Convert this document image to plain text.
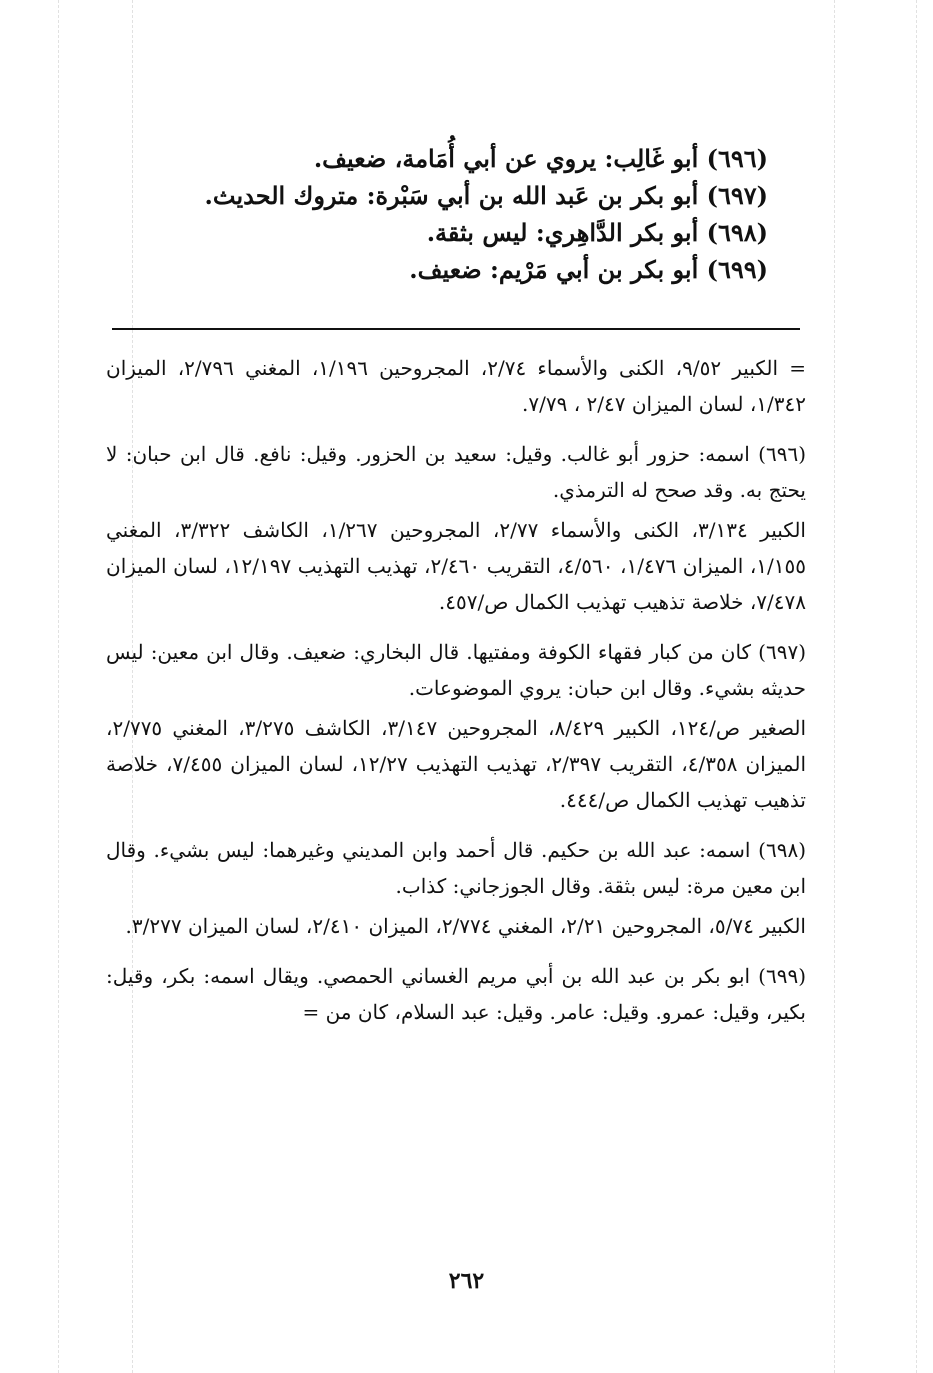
(٦٩٦) أبو غَالِب: يروي عن أبي أُمَامة، ضعيف.

(٦٩٧) أبو بكر بن عَبد الله بن أبي سَبْرة: متروك الحديث.

(٦٩٨) أبو بكر الدَّاهِري: ليس بثقة.

(٦٩٩) أبو بكر بن أبي مَرْيم: ضعيف.

= الكبير ٩/٥٢، الكنى والأسماء ٢/٧٤، المجروحين ١/١٩٦، المغني ٢/٧٩٦، الميزان ١/٣٤٢، لسان الميزان ٢/٤٧ ، ٧/٧٩.

(٦٩٦) اسمه: حزور أبو غالب. وقيل: سعيد بن الحزور. وقيل: نافع. قال ابن حبان: لا يحتج به. وقد صحح له الترمذي.

الكبير ٣/١٣٤، الكنى والأسماء ٢/٧٧، المجروحين ١/٢٦٧، الكاشف ٣/٣٢٢، المغني ١/١٥٥، الميزان ١/٤٧٦، ٤/٥٦٠، التقريب ٢/٤٦٠، تهذيب التهذيب ١٢/١٩٧، لسان الميزان ٧/٤٧٨، خلاصة تذهيب تهذيب الكمال ص/٤٥٧.

(٦٩٧) كان من كبار فقهاء الكوفة ومفتيها. قال البخاري: ضعيف. وقال ابن معين: ليس حديثه بشيء. وقال ابن حبان: يروي الموضوعات.

الصغير ص/١٢٤، الكبير ٨/٤٢٩، المجروحين ٣/١٤٧، الكاشف ٣/٢٧٥، المغني ٢/٧٧٥، الميزان ٤/٣٥٨، التقريب ٢/٣٩٧، تهذيب التهذيب ١٢/٢٧، لسان الميزان ٧/٤٥٥، خلاصة تذهيب تهذيب الكمال ص/٤٤٤.

(٦٩٨) اسمه: عبد الله بن حكيم. قال أحمد وابن المديني وغيرهما: ليس بشيء. وقال ابن معين مرة: ليس بثقة. وقال الجوزجاني: كذاب.

الكبير ٥/٧٤، المجروحين ٢/٢١، المغني ٢/٧٧٤، الميزان ٢/٤١٠، لسان الميزان ٣/٢٧٧.

(٦٩٩) ابو بكر بن عبد الله بن أبي مريم الغساني الحمصي. ويقال اسمه: بكر، وقيل: بكير، وقيل: عمرو. وقيل: عامر. وقيل: عبد السلام، كان من =

٢٦٢
